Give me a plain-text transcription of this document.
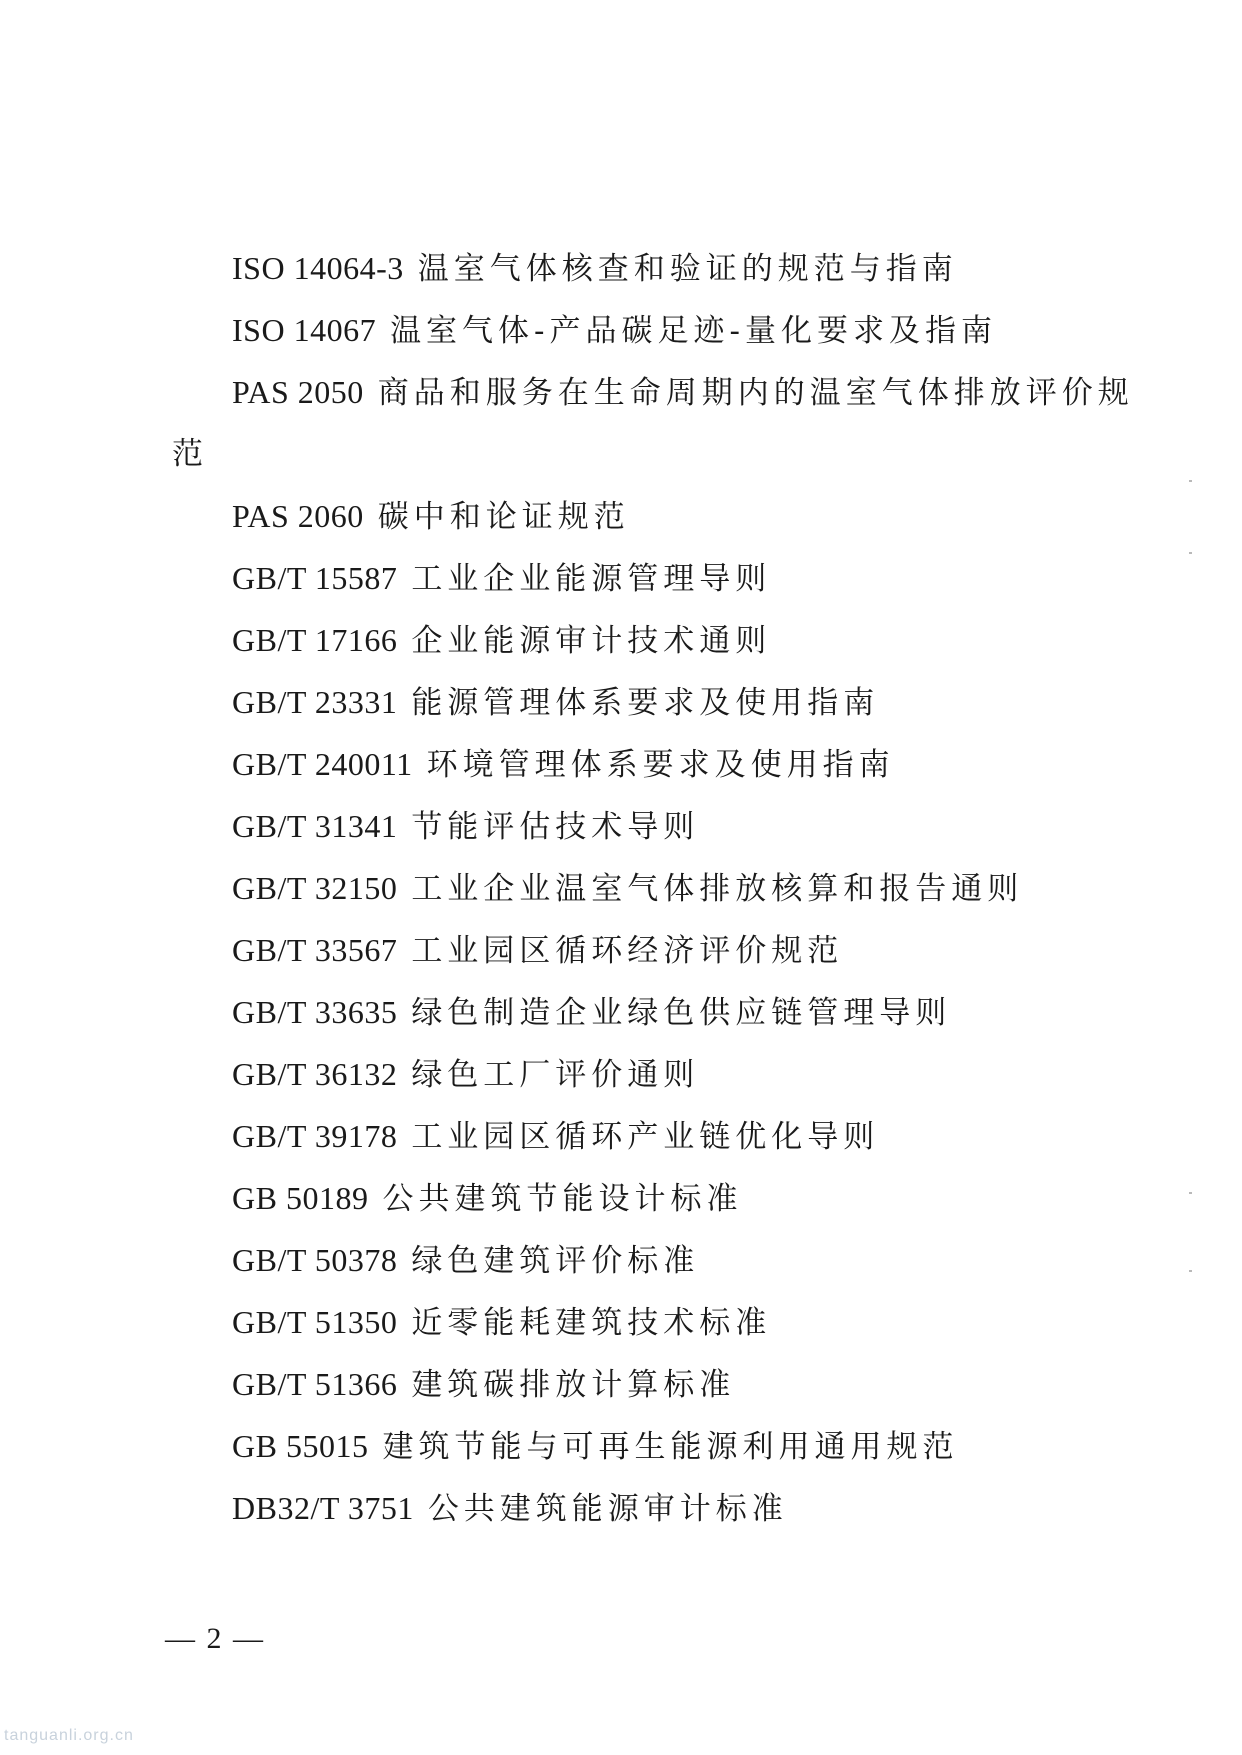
ISO 14064-3 温室气体核查和验证的规范与指南
ISO 14067 温室气体-产品碳足迹-量化要求及指南
PAS 2050 商品和服务在生命周期内的温室气体排放评价规
范
PAS 2060 碳中和论证规范
GB/T 15587 工业企业能源管理导则
GB/T 17166 企业能源审计技术通则
GB/T 23331 能源管理体系要求及使用指南
GB/T 240011 环境管理体系要求及使用指南
GB/T 31341 节能评估技术导则
GB/T 32150 工业企业温室气体排放核算和报告通则
GB/T 33567 工业园区循环经济评价规范
GB/T 33635 绿色制造企业绿色供应链管理导则
GB/T 36132 绿色工厂评价通则
GB/T 39178 工业园区循环产业链优化导则
GB 50189 公共建筑节能设计标准
GB/T 50378 绿色建筑评价标准
GB/T 51350 近零能耗建筑技术标准
GB/T 51366 建筑碳排放计算标准
GB 55015 建筑节能与可再生能源利用通用规范
DB32/T 3751 公共建筑能源审计标准
— 2 —
tanguanli.org.cn
